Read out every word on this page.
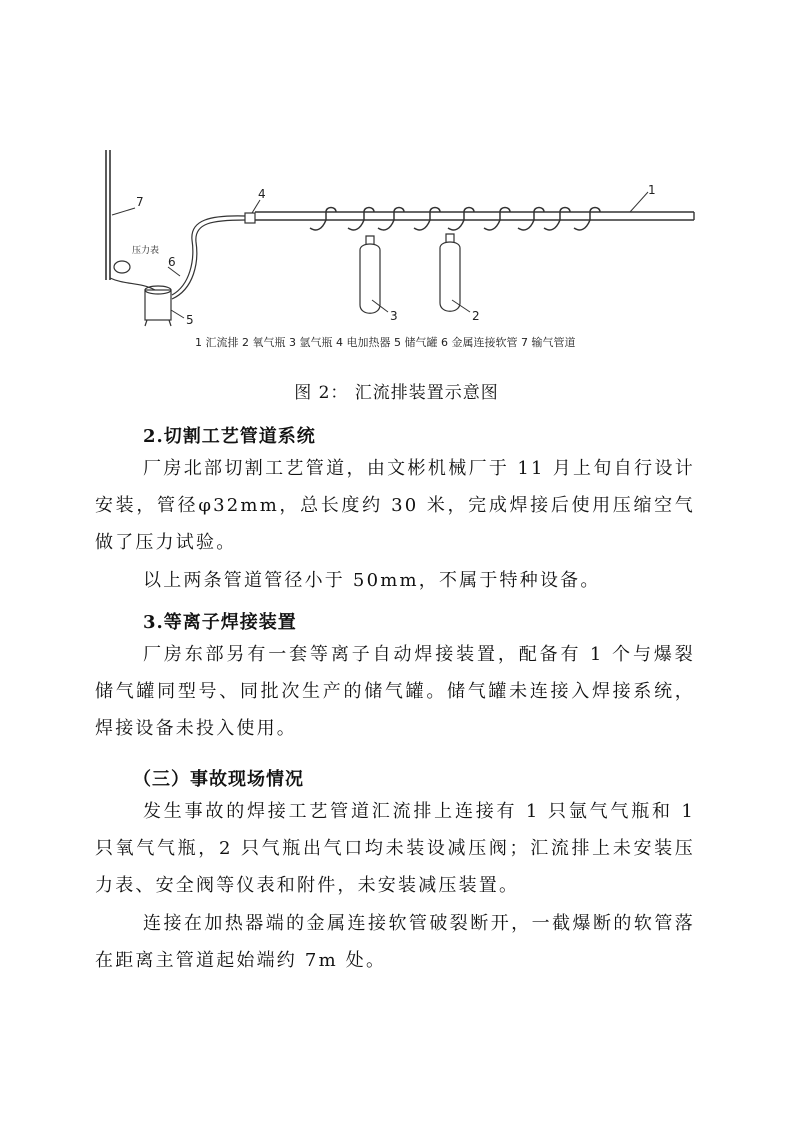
7
压力表
5
6
4	1
3	2
1 汇流排 2 氧气瓶 3 氩气瓶 4 电加热器 5 储气罐 6 金属连接软管 7 输气管道
图 2： 汇流排装置示意图
2.切割工艺管道系统

厂房北部切割工艺管道，由文彬机械厂于 11 月上旬自行设计安装，管径φ32mm，总长度约 30 米，完成焊接后使用压缩空气做了压力试验。

以上两条管道管径小于 50mm，不属于特种设备。

3.等离子焊接装置

厂房东部另有一套等离子自动焊接装置，配备有 1 个与爆裂储气罐同型号、同批次生产的储气罐。储气罐未连接入焊接系统，焊接设备未投入使用。

（三）事故现场情况

发生事故的焊接工艺管道汇流排上连接有 1 只氩气气瓶和 1 只氧气气瓶，2 只气瓶出气口均未装设减压阀；汇流排上未安装压力表、安全阀等仪表和附件，未安装减压装置。

连接在加热器端的金属连接软管破裂断开，一截爆断的软管落在距离主管道起始端约 7m 处。
